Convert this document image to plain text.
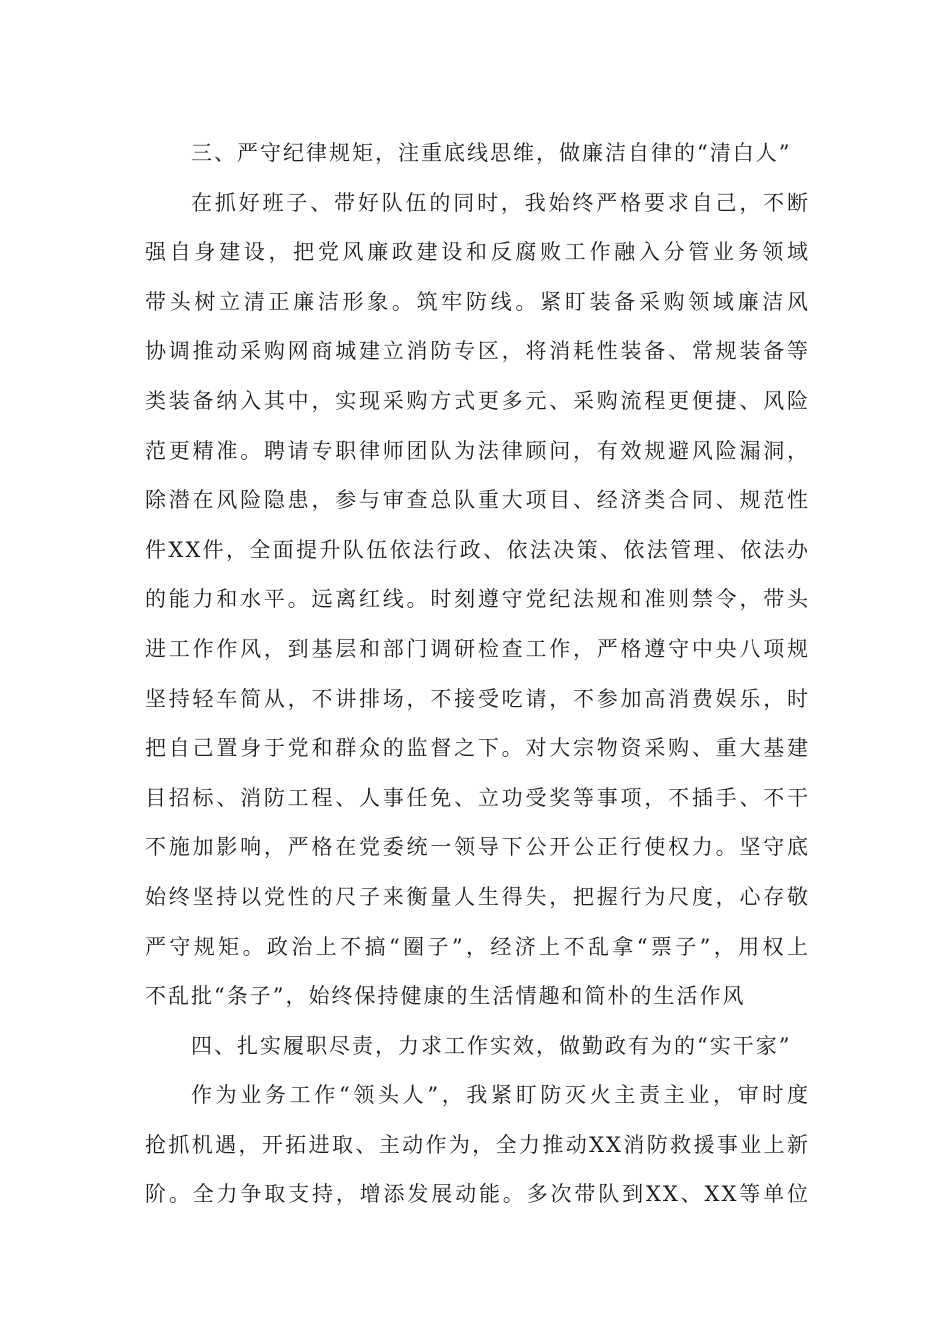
三、严守纪律规矩，注重底线思维，做廉洁自律的“清白人”
在抓好班子、带好队伍的同时，我始终严格要求自己，不断
强自身建设，把党风廉政建设和反腐败工作融入分管业务领域
带头树立清正廉洁形象。筑牢防线。紧盯装备采购领域廉洁风
协调推动采购网商城建立消防专区，将消耗性装备、常规装备等
类装备纳入其中，实现采购方式更多元、采购流程更便捷、风险
范更精准。聘请专职律师团队为法律顾问，有效规避风险漏洞，
除潜在风险隐患，参与审查总队重大项目、经济类合同、规范性
件XX件，全面提升队伍依法行政、依法决策、依法管理、依法办
的能力和水平。远离红线。时刻遵守党纪法规和准则禁令，带头
进工作作风，到基层和部门调研检查工作，严格遵守中央八项规
坚持轻车简从，不讲排场，不接受吃请，不参加高消费娱乐，时
把自己置身于党和群众的监督之下。对大宗物资采购、重大基建
目招标、消防工程、人事任免、立功受奖等事项，不插手、不干
不施加影响，严格在党委统一领导下公开公正行使权力。坚守底
始终坚持以党性的尺子来衡量人生得失，把握行为尺度，心存敬
严守规矩。政治上不搞“圈子”，经济上不乱拿“票子”，用权上
不乱批“条子”，始终保持健康的生活情趣和简朴的生活作风
四、扎实履职尽责，力求工作实效，做勤政有为的“实干家”
作为业务工作“领头人”，我紧盯防灭火主责主业，审时度
抢抓机遇，开拓进取、主动作为，全力推动XX消防救援事业上新
阶。全力争取支持，增添发展动能。多次带队到XX、XX等单位
